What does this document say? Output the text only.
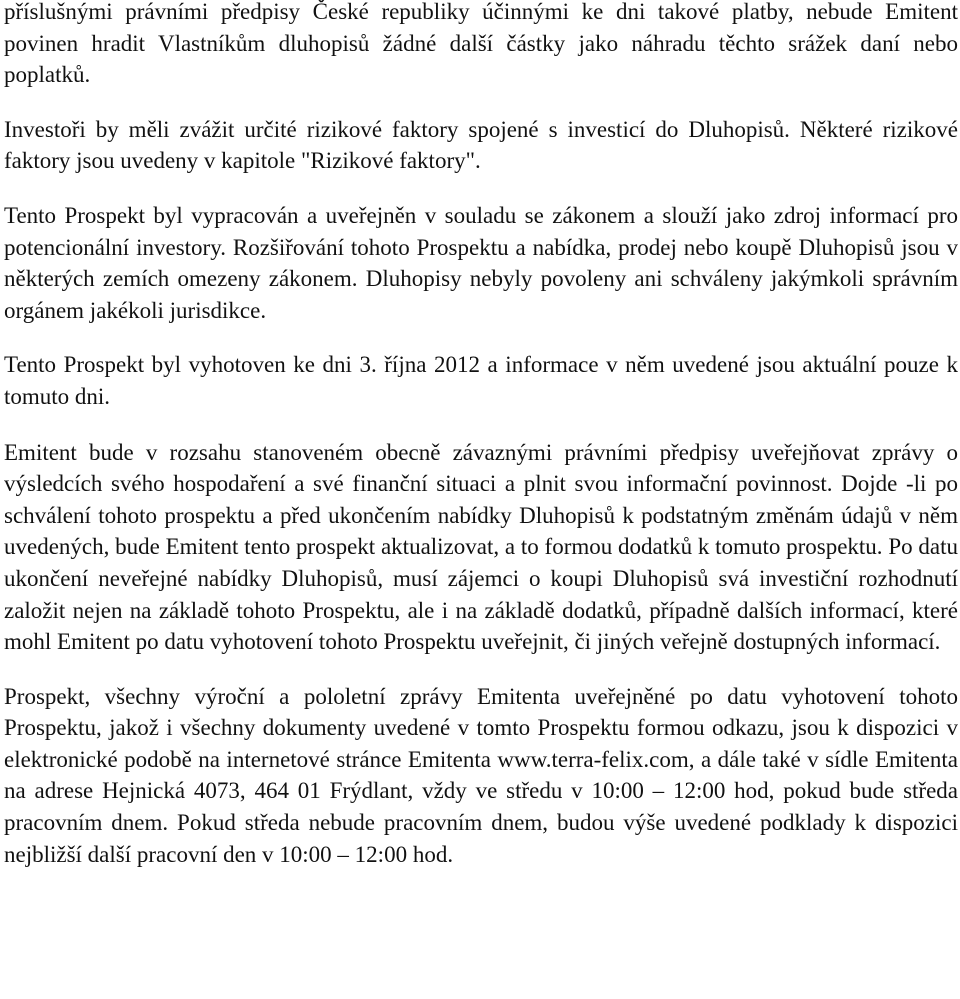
příslušnými právními předpisy České republiky účinnými ke dni takové platby, nebude Emitent povinen hradit Vlastníkům dluhopisů žádné další částky jako náhradu těchto srážek daní nebo poplatků.

Investoři by měli zvážit určité rizikové faktory spojené s investicí do Dluhopisů. Některé rizikové faktory jsou uvedeny v kapitole "Rizikové faktory".

Tento Prospekt byl vypracován a uveřejněn v souladu se zákonem a slouží jako zdroj informací pro potencionální investory. Rozšiřování tohoto Prospektu a nabídka, prodej nebo koupě Dluhopisů jsou v některých zemích omezeny zákonem. Dluhopisy nebyly povoleny ani schváleny jakýmkoli správním orgánem jakékoli jurisdikce.

Tento Prospekt byl vyhotoven ke dni 3. října 2012 a informace v něm uvedené jsou aktuální pouze k tomuto dni.

Emitent bude v rozsahu stanoveném obecně závaznými právními předpisy uveřejňovat zprávy o výsledcích svého hospodaření a své finanční situaci a plnit svou informační povinnost. Dojde -li po schválení tohoto prospektu a před ukončením nabídky Dluhopisů k podstatným změnám údajů v něm uvedených, bude Emitent tento prospekt aktualizovat, a to formou dodatků k tomuto prospektu. Po datu ukončení neveřejné nabídky Dluhopisů, musí zájemci o koupi Dluhopisů svá investiční rozhodnutí založit nejen na základě tohoto Prospektu, ale i na základě dodatků, případně dalších informací, které mohl Emitent po datu vyhotovení tohoto Prospektu uveřejnit, či jiných veřejně dostupných informací.

Prospekt, všechny výroční a pololetní zprávy Emitenta uveřejněné po datu vyhotovení tohoto Prospektu, jakož i všechny dokumenty uvedené v tomto Prospektu formou odkazu, jsou k dispozici v elektronické podobě na internetové stránce Emitenta www.terra-felix.com, a dále také v sídle Emitenta na adrese Hejnická 4073, 464 01 Frýdlant, vždy ve středu v 10:00 – 12:00 hod, pokud bude středa pracovním dnem. Pokud středa nebude pracovním dnem, budou výše uvedené podklady k dispozici nejbližší další pracovní den v 10:00 – 12:00 hod.
